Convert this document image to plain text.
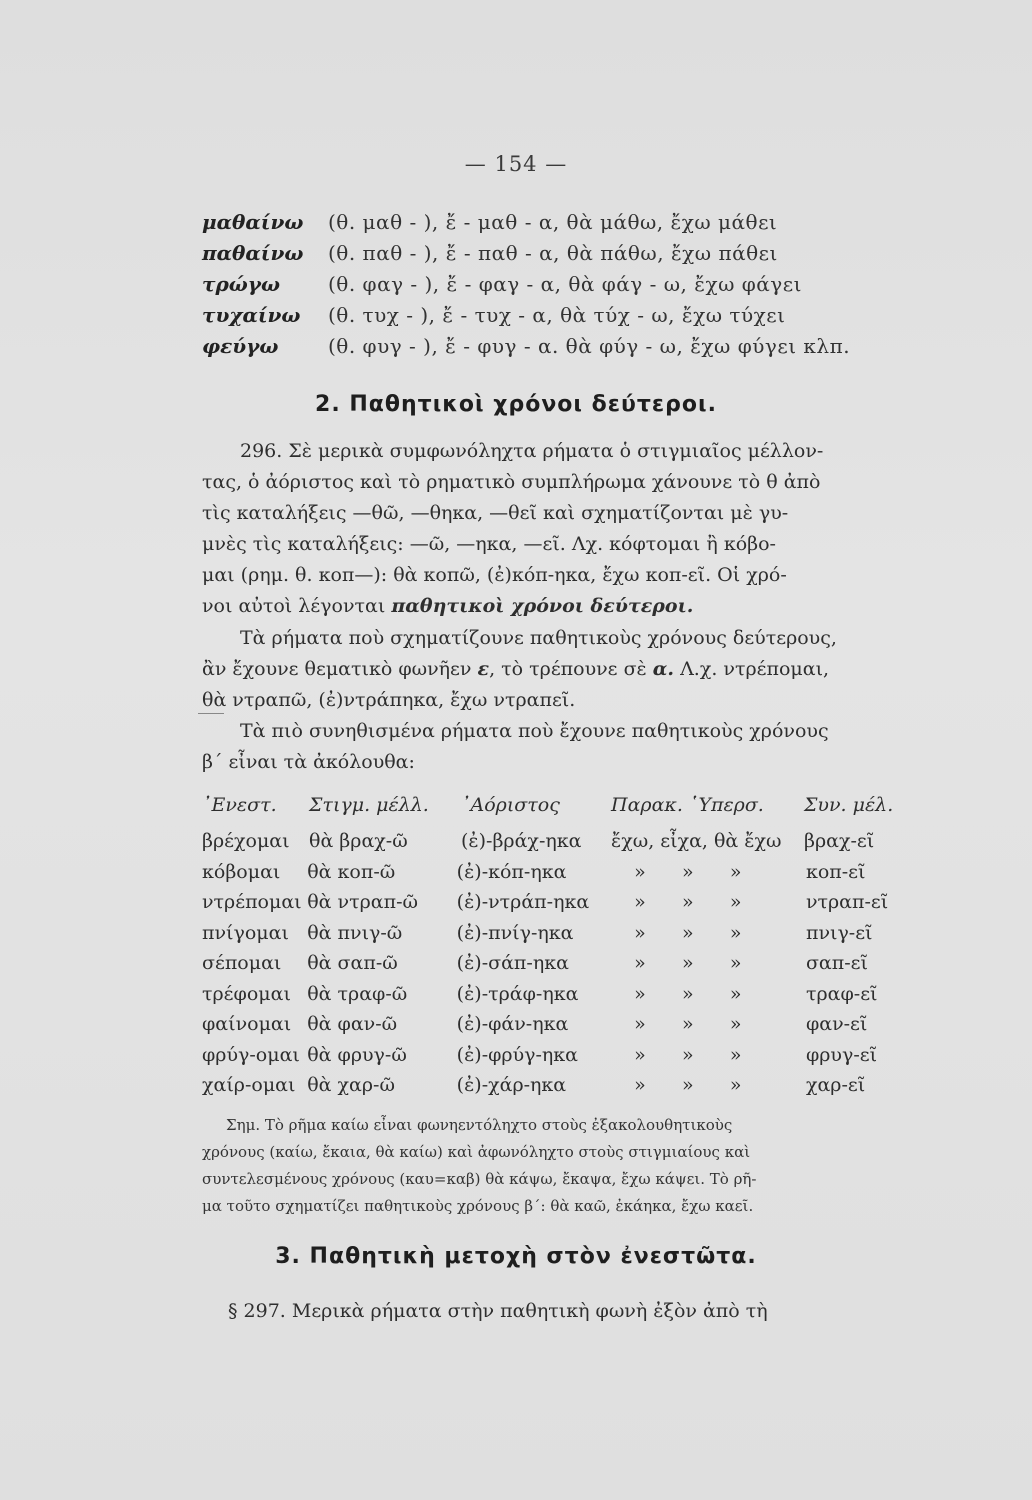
— 154 —
μαθαίνω	(θ. μαθ - ), ἔ - μαθ - α, θὰ μάθω, ἔχω μάθει
παθαίνω	(θ. παθ - ), ἔ - παθ - α, θὰ πάθω, ἔχω πάθει
τρώγω	(θ. φαγ - ), ἔ - φαγ - α, θὰ φάγ - ω, ἔχω φάγει
τυχαίνω	(θ. τυχ - ), ἔ - τυχ - α, θὰ τύχ - ω, ἔχω τύχει
φεύγω	(θ. φυγ - ), ἔ - φυγ - α. θὰ φύγ - ω, ἔχω φύγει κλπ.
2. Παθητικοὶ χρόνοι δεύτεροι.
296. Σὲ μερικὰ συμφωνόληχτα ρήματα ὁ στιγμιαῖος μέλλον-
τας, ὁ ἀόριστος καὶ τὸ ρηματικὸ συμπλήρωμα χάνουνε τὸ θ ἀπὸ
τὶς καταλήξεις —θῶ, —θηκα, —θεῖ καὶ σχηματίζονται μὲ γυ-
μνὲς τὶς καταλήξεις: —ῶ, —ηκα, —εῖ. Λχ. κόφτομαι ἢ κόβο-
μαι (ρημ. θ. κοπ—): θὰ κοπῶ, (ἐ)κόπ-ηκα, ἔχω κοπ-εῖ. Οἱ χρό-
νοι αὐτοὶ λέγονται παθητικοὶ χρόνοι δεύτεροι.
Τὰ ρήματα ποὺ σχηματίζουνε παθητικοὺς χρόνους δεύτερους,
ἂν ἔχουνε θεματικὸ φωνῆεν ε, τὸ τρέπουνε σὲ α. Λ.χ. ντρέπομαι,
θὰ ντραπῶ, (ἐ)ντράπηκα, ἔχω ντραπεῖ.
Τὰ πιὸ συνηθισμένα ρήματα ποὺ ἔχουνε παθητικοὺς χρόνους
β΄ εἶναι τὰ ἀκόλουθα:
᾿Ενεστ.	Στιγμ. μέλλ.	᾿Αόριστος	Παρακ. ῾Υπερσ.	Συν. μέλ.
βρέχομαι	θὰ βραχ-ῶ	(ἐ)-βράχ-ηκα	ἔχω, εἶχα, θὰ ἔχω	βραχ-εῖ
κόβομαι	θὰ κοπ-ῶ	(ἐ)-κόπ-ηκα	»      »      »	κοπ-εῖ
ντρέπομαι θὰ ντραπ-ῶ	(ἐ)-ντράπ-ηκα	»      »      »	ντραπ-εῖ
πνίγομαι θὰ πνιγ-ῶ	(ἐ)-πνίγ-ηκα	»      »      »	πνιγ-εῖ
σέπομαι	θὰ σαπ-ῶ	(ἐ)-σάπ-ηκα	»      »      »	σαπ-εῖ
τρέφομαι θὰ τραφ-ῶ	(ἐ)-τράφ-ηκα	»      »      »	τραφ-εῖ
φαίνομαι θὰ φαν-ῶ	(ἐ)-φάν-ηκα	»      »      »	φαν-εῖ
φρύγ-ομαι θὰ φρυγ-ῶ	(ἐ)-φρύγ-ηκα	»      »      »	φρυγ-εῖ
χαίρ-ομαι θὰ χαρ-ῶ	(ἐ)-χάρ-ηκα	»      »      »	χαρ-εῖ
Σημ. Τὸ ρῆμα καίω εἶναι φωνηεντόληχτο στοὺς ἐξακολουθητικοὺς
χρόνους (καίω, ἔκαια, θὰ καίω) καὶ ἀφωνόληχτο στοὺς στιγμιαίους καὶ
συντελεσμένους χρόνους (καυ=καβ) θὰ κάψω, ἔκαψα, ἔχω κάψει. Τὸ ρῆ-
μα τοῦτο σχηματίζει παθητικοὺς χρόνους β΄: θὰ καῶ, ἐκάηκα, ἔχω καεῖ.
3. Παθητικὴ μετοχὴ στὸν ἐνεστῶτα.
§ 297. Μερικὰ ρήματα στὴν παθητικὴ φωνὴ ἐξὸν ἀπὸ τὴ
